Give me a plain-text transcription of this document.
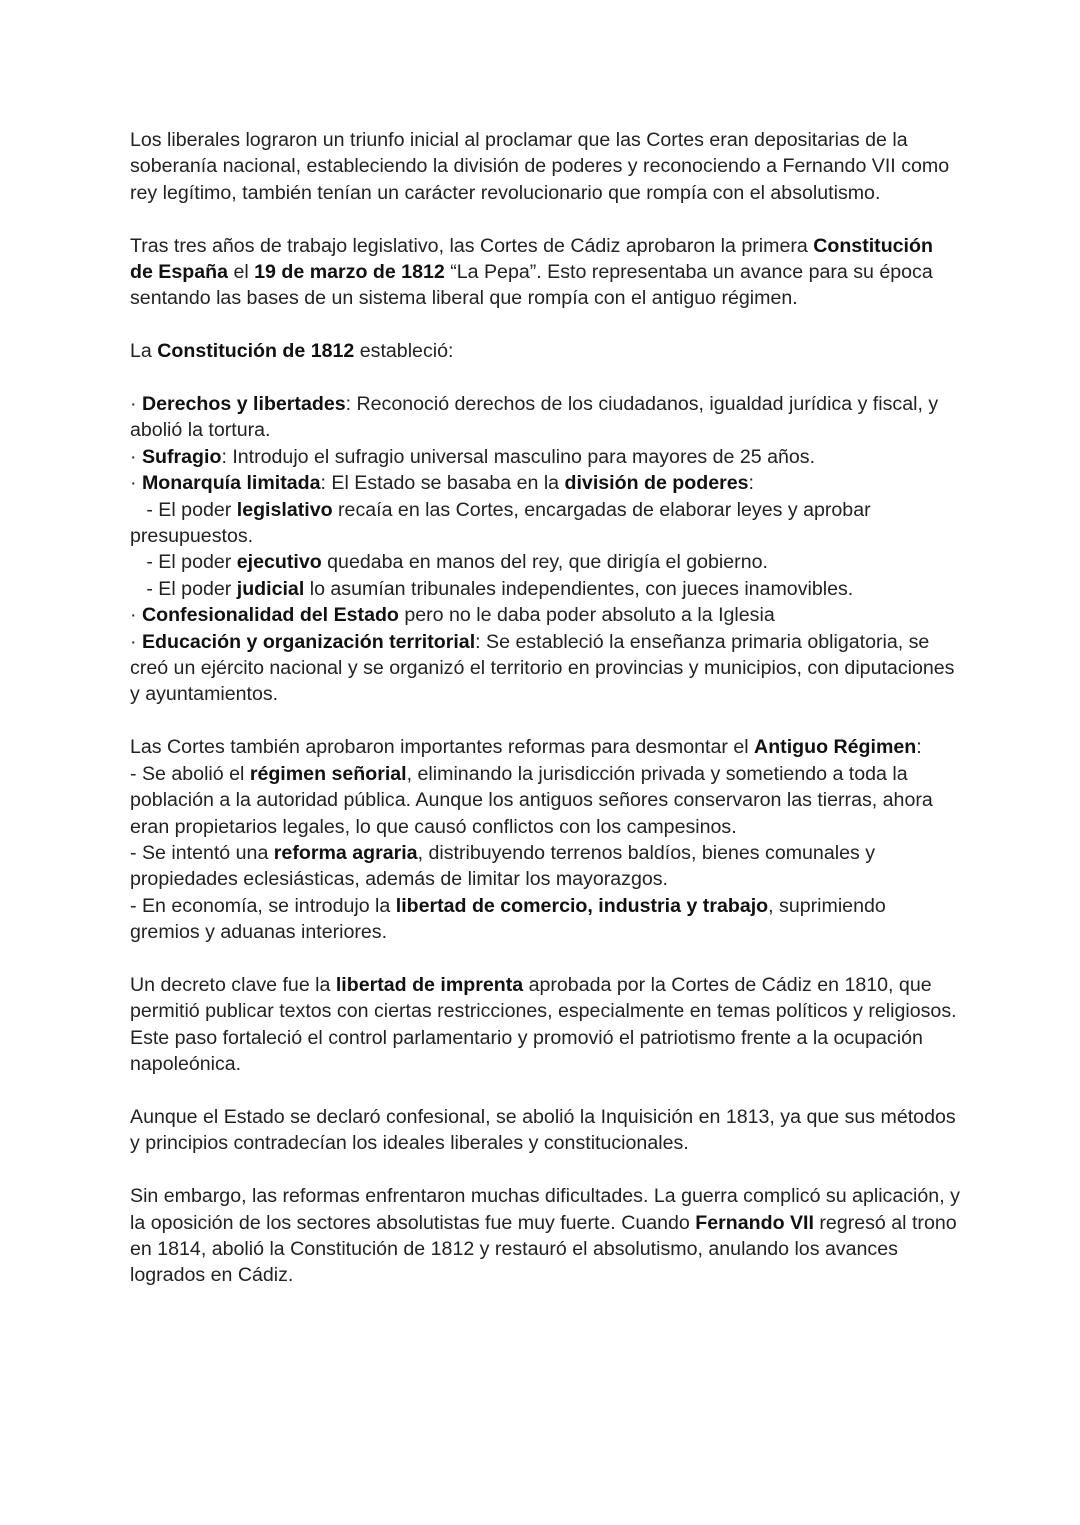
Los liberales lograron un triunfo inicial al proclamar que las Cortes eran depositarias de la soberanía nacional, estableciendo la división de poderes y reconociendo a Fernando VII como rey legítimo, también tenían un carácter revolucionario que rompía con el absolutismo.

Tras tres años de trabajo legislativo, las Cortes de Cádiz aprobaron la primera Constitución de España el 19 de marzo de 1812 “La Pepa”. Esto representaba un avance para su época sentando las bases de un sistema liberal que rompía con el antiguo régimen.

La Constitución de 1812 estableció:

· Derechos y libertades: Reconoció derechos de los ciudadanos, igualdad jurídica y fiscal, y abolió la tortura.
· Sufragio: Introdujo el sufragio universal masculino para mayores de 25 años.
· Monarquía limitada: El Estado se basaba en la división de poderes:
- El poder legislativo recaía en las Cortes, encargadas de elaborar leyes y aprobar presupuestos.
- El poder ejecutivo quedaba en manos del rey, que dirigía el gobierno.
- El poder judicial lo asumían tribunales independientes, con jueces inamovibles.
· Confesionalidad del Estado pero no le daba poder absoluto a la Iglesia
· Educación y organización territorial: Se estableció la enseñanza primaria obligatoria, se creó un ejército nacional y se organizó el territorio en provincias y municipios, con diputaciones y ayuntamientos.

Las Cortes también aprobaron importantes reformas para desmontar el Antiguo Régimen:
- Se abolió el régimen señorial, eliminando la jurisdicción privada y sometiendo a toda la población a la autoridad pública. Aunque los antiguos señores conservaron las tierras, ahora eran propietarios legales, lo que causó conflictos con los campesinos.
- Se intentó una reforma agraria, distribuyendo terrenos baldíos, bienes comunales y propiedades eclesiásticas, además de limitar los mayorazgos.
- En economía, se introdujo la libertad de comercio, industria y trabajo, suprimiendo gremios y aduanas interiores.

Un decreto clave fue la libertad de imprenta aprobada por la Cortes de Cádiz en 1810, que permitió publicar textos con ciertas restricciones, especialmente en temas políticos y religiosos. Este paso fortaleció el control parlamentario y promovió el patriotismo frente a la ocupación napoleónica.

Aunque el Estado se declaró confesional, se abolió la Inquisición en 1813, ya que sus métodos y principios contradecían los ideales liberales y constitucionales.

Sin embargo, las reformas enfrentaron muchas dificultades. La guerra complicó su aplicación, y la oposición de los sectores absolutistas fue muy fuerte. Cuando Fernando VII regresó al trono en 1814, abolió la Constitución de 1812 y restauró el absolutismo, anulando los avances logrados en Cádiz.
